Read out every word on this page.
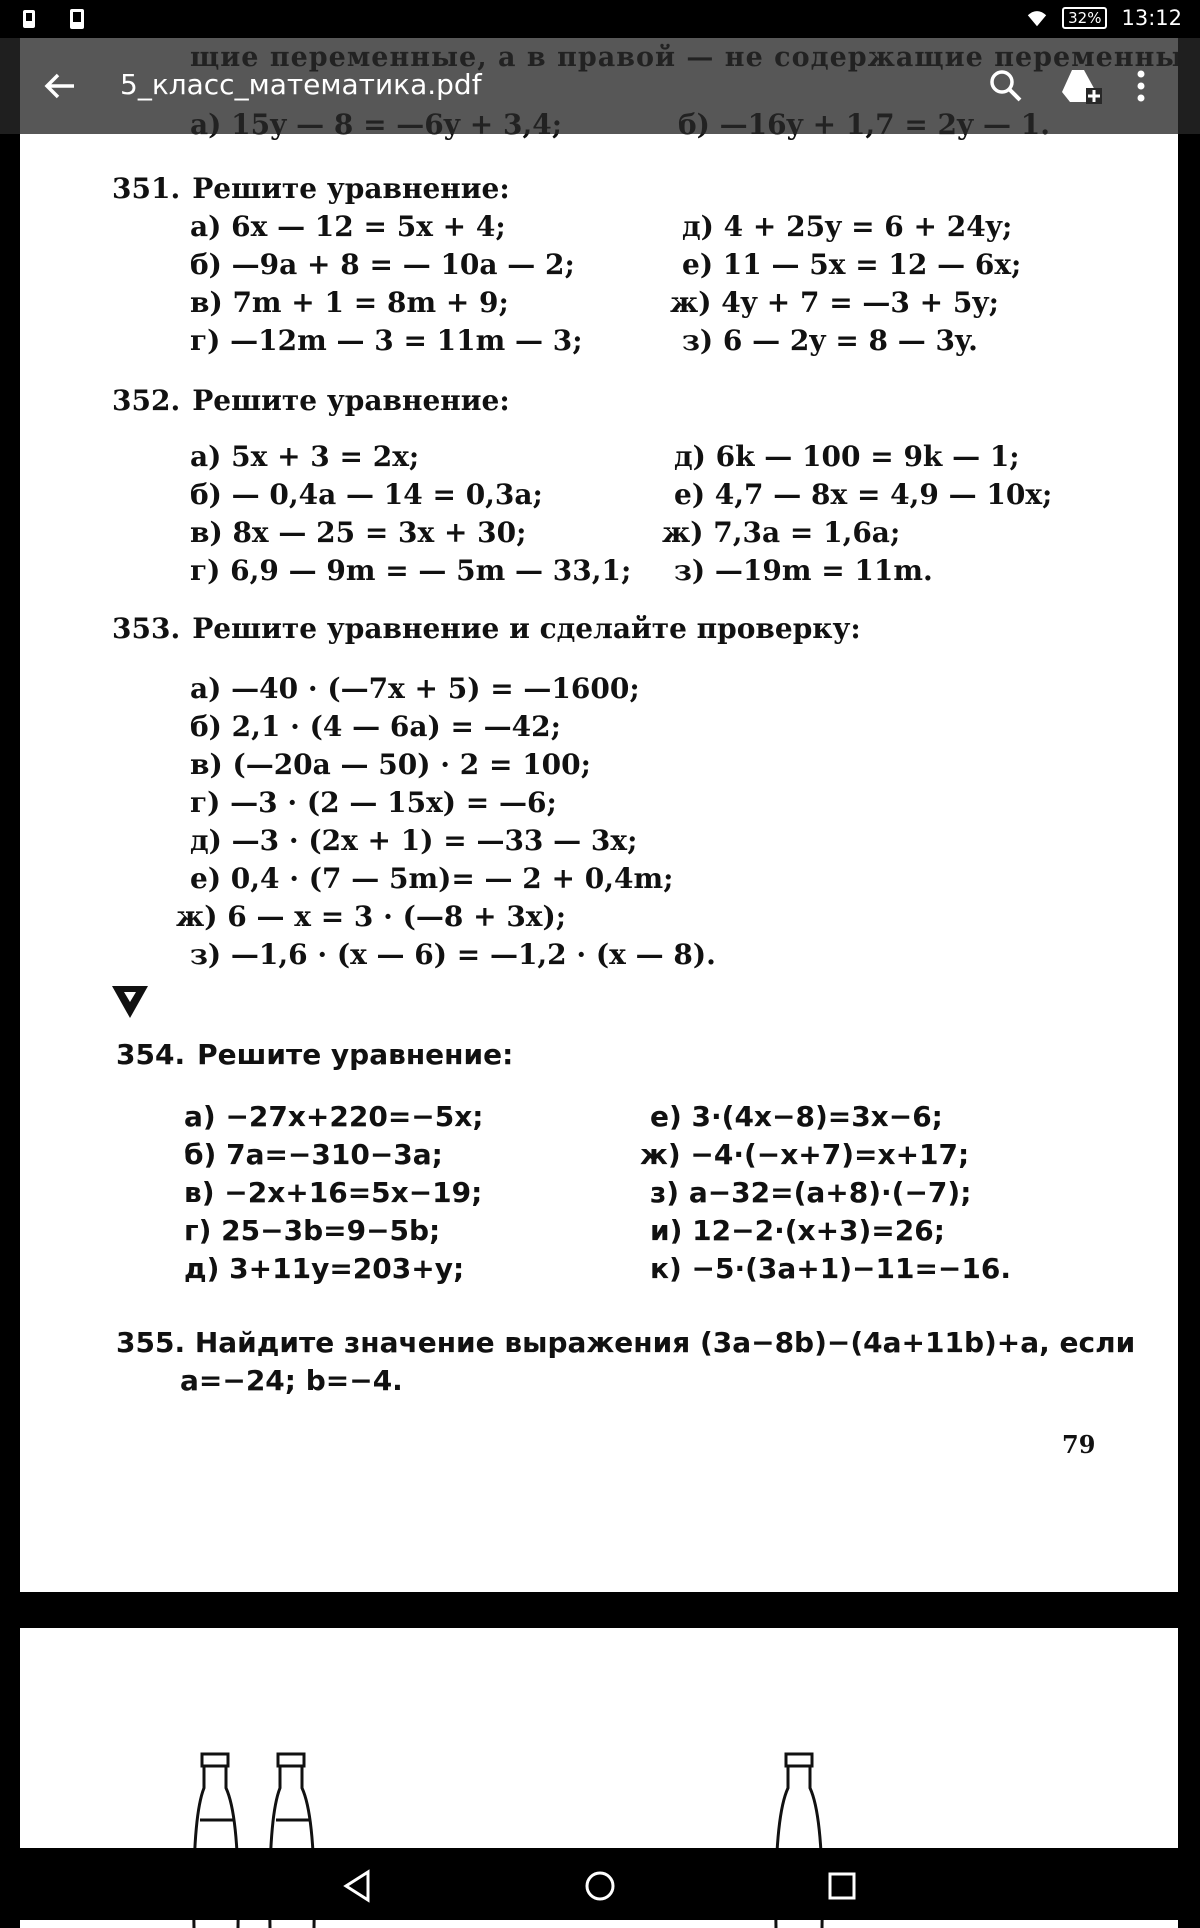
32% 13:12
351. Решите уравнение:
а) 6x — 12 = 5x + 4;
б) —9a + 8 = — 10a — 2;
в) 7m + 1 = 8m + 9;
г) —12m — 3 = 11m — 3;
д) 4 + 25y = 6 + 24y;
е) 11 — 5x = 12 — 6x;
ж) 4y + 7 = —3 + 5y;
з) 6 — 2y = 8 — 3y.
352. Решите уравнение:
а) 5x + 3 = 2x;
б) — 0,4a — 14 = 0,3a;
в) 8x — 25 = 3x + 30;
г) 6,9 — 9m = — 5m — 33,1;
д) 6k — 100 = 9k — 1;
е) 4,7 — 8x = 4,9 — 10x;
ж) 7,3a = 1,6a;
з) —19m = 11m.
353. Решите уравнение и сделайте проверку:
а) —40 · (—7x + 5) = —1600;
б) 2,1 · (4 — 6a) = —42;
в) (—20a — 50) · 2 = 100;
г) —3 · (2 — 15x) = —6;
д) —3 · (2x + 1) = —33 — 3x;
е) 0,4 · (7 — 5m)= — 2 + 0,4m;
ж) 6 — x = 3 · (—8 + 3x);
з) —1,6 · (x — 6) = —1,2 · (x — 8).
354. Решите уравнение:
а) −27x+220=−5x;
б) 7a=−310−3a;
в) −2x+16=5x−19;
г) 25−3b=9−5b;
д) 3+11y=203+y;
е) 3·(4x−8)=3x−6;
ж) −4·(−x+7)=x+17;
з) a−32=(a+8)·(−7);
и) 12−2·(x+3)=26;
к) −5·(3a+1)−11=−16.
355. Найдите значение выражения (3a−8b)−(4a+11b)+a, если
a=−24; b=−4.
79
5_класс_математика.pdf
